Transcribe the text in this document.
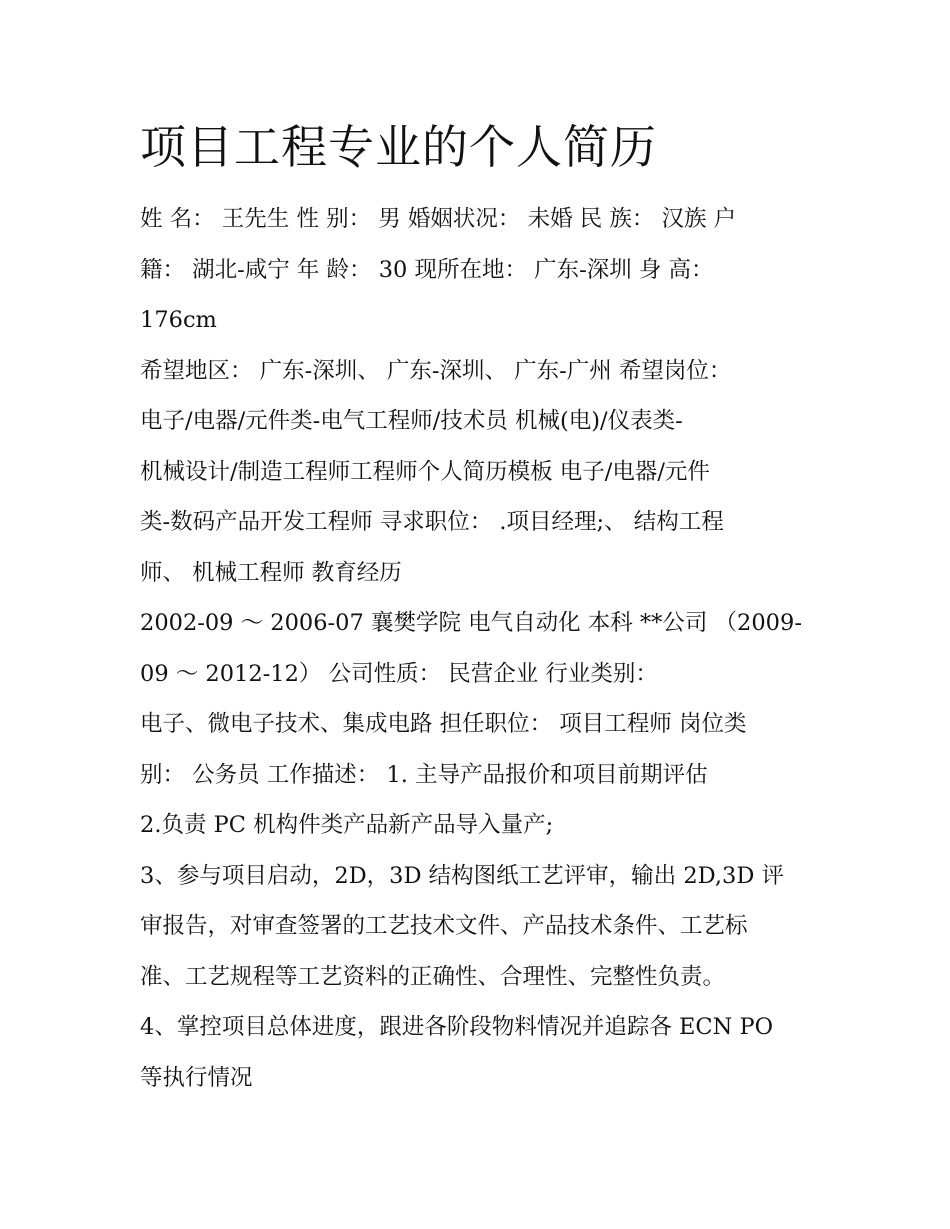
项目工程专业的个人简历

姓 名： 王先生 性 别： 男 婚姻状况： 未婚 民 族： 汉族 户

籍： 湖北-咸宁 年 龄： 30 现所在地： 广东-深圳 身 高：

176cm

希望地区： 广东-深圳、 广东-深圳、 广东-广州 希望岗位：

电子/电器/元件类-电气工程师/技术员 机械(电)/仪表类-

机械设计/制造工程师工程师个人简历模板 电子/电器/元件

类-数码产品开发工程师 寻求职位： .项目经理;、 结构工程

师、 机械工程师 教育经历

2002-09 ～ 2006-07 襄樊学院 电气自动化 本科 **公司 （2009-

09 ～ 2012-12） 公司性质： 民营企业 行业类别：

电子、微电子技术、集成电路 担任职位： 项目工程师 岗位类

别： 公务员 工作描述： 1. 主导产品报价和项目前期评估

2.负责 PC 机构件类产品新产品导入量产;

3、参与项目启动，2D，3D 结构图纸工艺评审，输出 2D,3D 评

审报告，对审查签署的工艺技术文件、产品技术条件、工艺标

准、工艺规程等工艺资料的正确性、合理性、完整性负责。

4、掌控项目总体进度，跟进各阶段物料情况并追踪各 ECN PO

等执行情况
